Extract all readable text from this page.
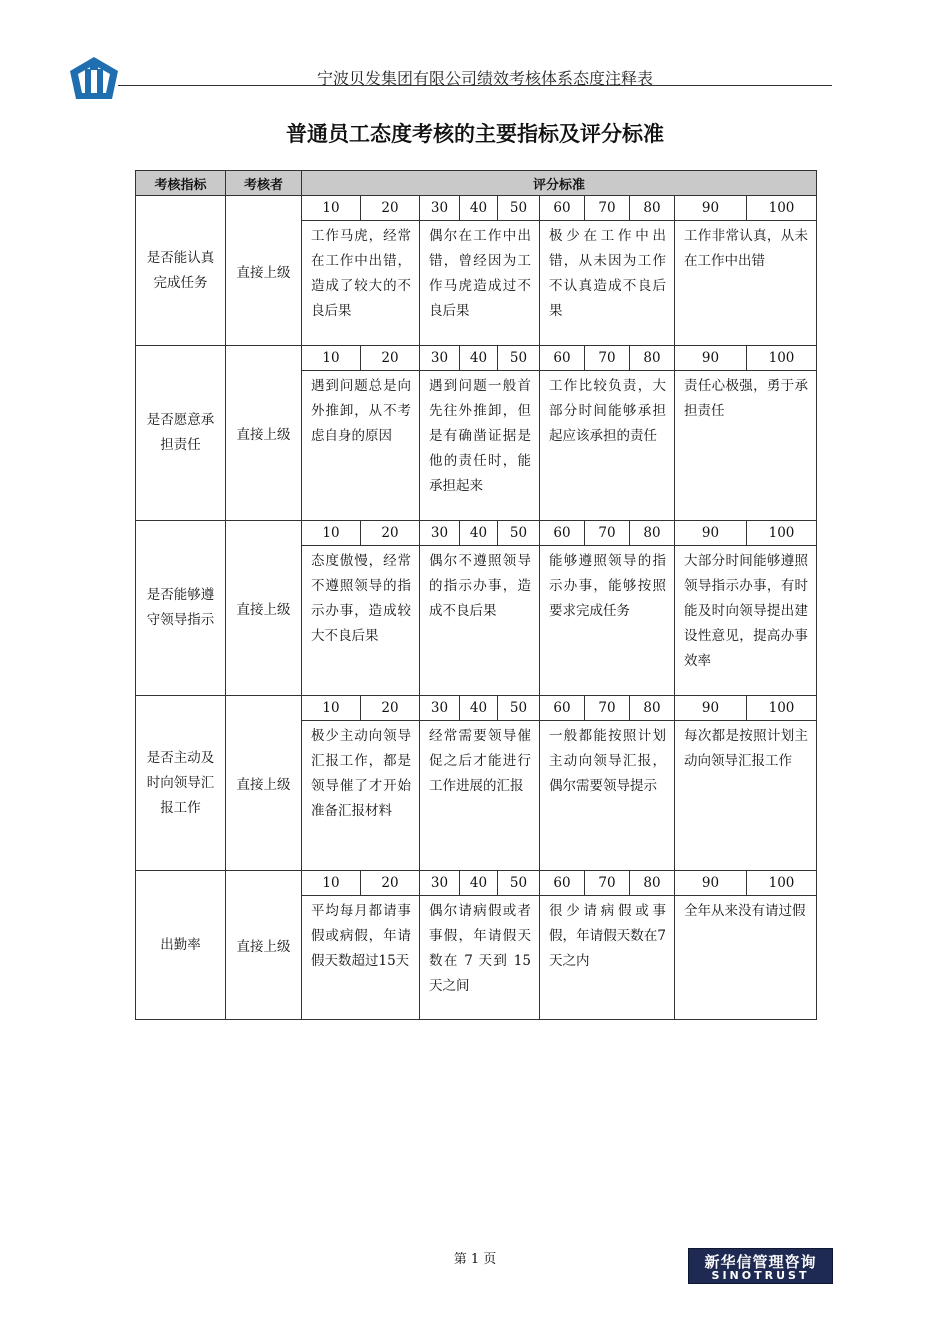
宁波贝发集团有限公司绩效考核体系态度注释表
普通员工态度考核的主要指标及评分标准
考核指标	考核者	评分标准									
是否能认真完成任务	直接上级	10	20	30	40	50	60	70	80	90	100
		工作马虎，经常在工作中出错，造成了较大的不良后果		偶尔在工作中出错，曾经因为工作马虎造成过不良后果			极少在工作中出错，从未因为工作不认真造成不良后果			工作非常认真，从未在工作中出错	
是否愿意承担责任	直接上级	10	20	30	40	50	60	70	80	90	100
		遇到问题总是向外推卸，从不考虑自身的原因		遇到问题一般首先往外推卸，但是有确凿证据是他的责任时，能承担起来			工作比较负责，大部分时间能够承担起应该承担的责任			责任心极强，勇于承担责任	
是否能够遵守领导指示	直接上级	10	20	30	40	50	60	70	80	90	100
		态度傲慢，经常不遵照领导的指示办事，造成较大不良后果		偶尔不遵照领导的指示办事，造成不良后果			能够遵照领导的指示办事，能够按照要求完成任务			大部分时间能够遵照领导指示办事，有时能及时向领导提出建设性意见，提高办事效率	
是否主动及时向领导汇报工作	直接上级	10	20	30	40	50	60	70	80	90	100
		极少主动向领导汇报工作，都是领导催了才开始准备汇报材料		经常需要领导催促之后才能进行工作进展的汇报			一般都能按照计划主动向领导汇报，偶尔需要领导提示			每次都是按照计划主动向领导汇报工作	
出勤率	直接上级	10	20	30	40	50	60	70	80	90	100
		平均每月都请事假或病假，年请假天数超过15天		偶尔请病假或者事假，年请假天数在 7 天到 15 天之间			很少请病假或事假，年请假天数在7天之内			全年从来没有请过假	
第 1 页	新华信管理咨询
SINOTRUST
